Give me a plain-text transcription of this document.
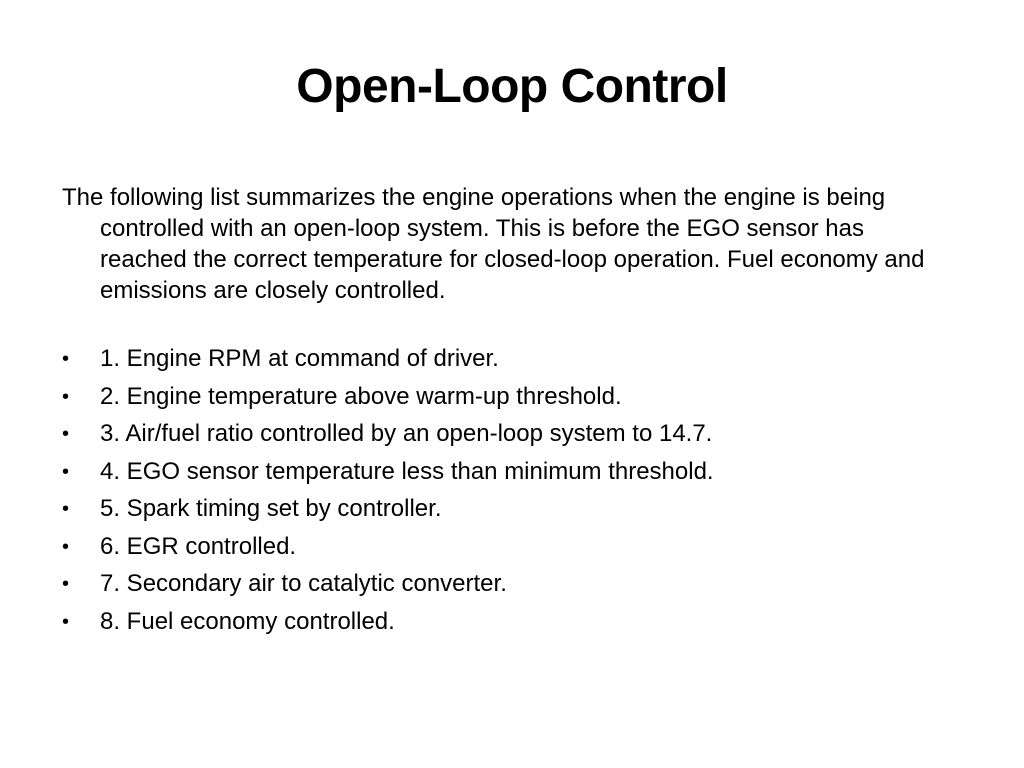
Open-Loop Control

The following list summarizes the engine operations when the engine is being controlled with an open-loop system. This is before the EGO sensor has reached the correct temperature for closed-loop operation. Fuel economy and emissions are closely controlled.

• 1. Engine RPM at command of driver.
• 2. Engine temperature above warm-up threshold.
• 3. Air/fuel ratio controlled by an open-loop system to 14.7.
• 4. EGO sensor temperature less than minimum threshold.
• 5. Spark timing set by controller.
• 6. EGR controlled.
• 7. Secondary air to catalytic converter.
• 8. Fuel economy controlled.
